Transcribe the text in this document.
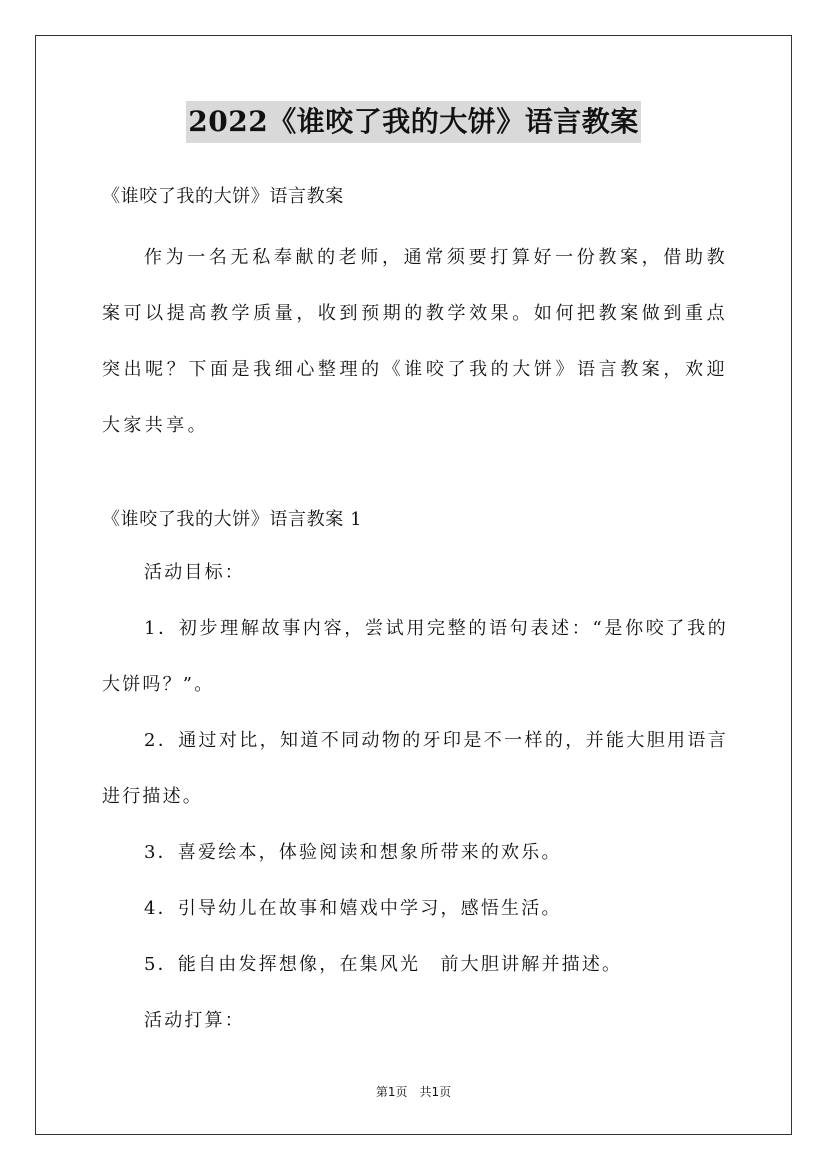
2022《谁咬了我的大饼》语言教案
《谁咬了我的大饼》语言教案
作为一名无私奉献的老师，通常须要打算好一份教案，借助教案可以提高教学质量，收到预期的教学效果。如何把教案做到重点突出呢？下面是我细心整理的《谁咬了我的大饼》语言教案，欢迎大家共享。
《谁咬了我的大饼》语言教案 1
活动目标：
1．初步理解故事内容，尝试用完整的语句表述：“是你咬了我的大饼吗？”。
2．通过对比，知道不同动物的牙印是不一样的，并能大胆用语言进行描述。
3．喜爱绘本，体验阅读和想象所带来的欢乐。
4．引导幼儿在故事和嬉戏中学习，感悟生活。
5．能自由发挥想像，在集风光　前大胆讲解并描述。
活动打算：
第1页　共1页
